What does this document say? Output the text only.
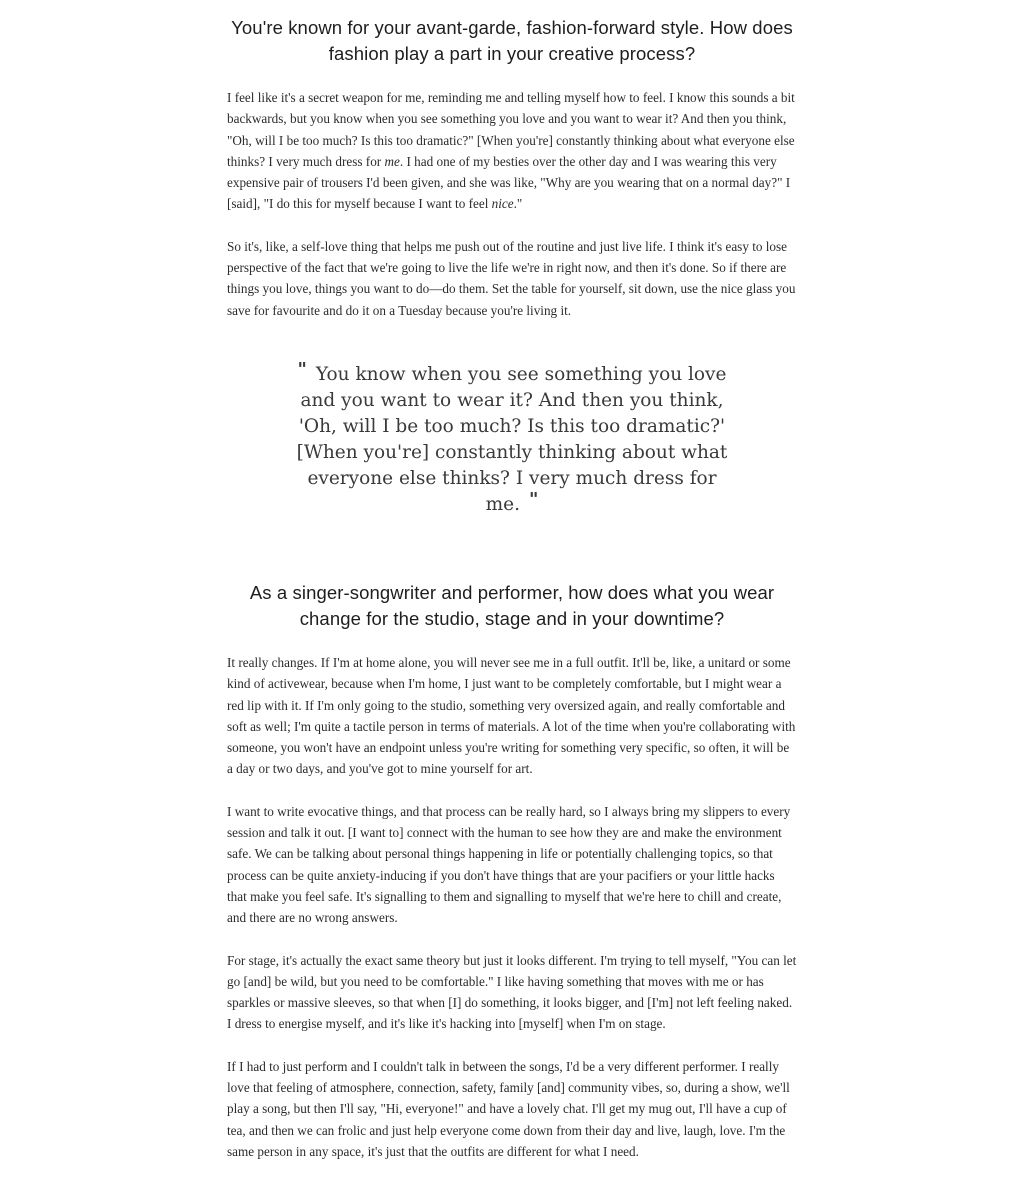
You're known for your avant-garde, fashion-forward style. How does fashion play a part in your creative process?

I feel like it's a secret weapon for me, reminding me and telling myself how to feel. I know this sounds a bit backwards, but you know when you see something you love and you want to wear it? And then you think, "Oh, will I be too much? Is this too dramatic?" [When you're] constantly thinking about what everyone else thinks? I very much dress for me. I had one of my besties over the other day and I was wearing this very expensive pair of trousers I'd been given, and she was like, "Why are you wearing that on a normal day?" I [said], "I do this for myself because I want to feel nice."

So it's, like, a self-love thing that helps me push out of the routine and just live life. I think it's easy to lose perspective of the fact that we're going to live the life we're in right now, and then it's done. So if there are things you love, things you want to do—do them. Set the table for yourself, sit down, use the nice glass you save for favourite and do it on a Tuesday because you're living it.

" You know when you see something you love and you want to wear it? And then you think, 'Oh, will I be too much? Is this too dramatic?' [When you're] constantly thinking about what everyone else thinks? I very much dress for me. "
As a singer-songwriter and performer, how does what you wear change for the studio, stage and in your downtime?

It really changes. If I'm at home alone, you will never see me in a full outfit. It'll be, like, a unitard or some kind of activewear, because when I'm home, I just want to be completely comfortable, but I might wear a red lip with it. If I'm only going to the studio, something very oversized again, and really comfortable and soft as well; I'm quite a tactile person in terms of materials. A lot of the time when you're collaborating with someone, you won't have an endpoint unless you're writing for something very specific, so often, it will be a day or two days, and you've got to mine yourself for art.

I want to write evocative things, and that process can be really hard, so I always bring my slippers to every session and talk it out. [I want to] connect with the human to see how they are and make the environment safe. We can be talking about personal things happening in life or potentially challenging topics, so that process can be quite anxiety-inducing if you don't have things that are your pacifiers or your little hacks that make you feel safe. It's signalling to them and signalling to myself that we're here to chill and create, and there are no wrong answers.

For stage, it's actually the exact same theory but just it looks different. I'm trying to tell myself, "You can let go [and] be wild, but you need to be comfortable." I like having something that moves with me or has sparkles or massive sleeves, so that when [I] do something, it looks bigger, and [I'm] not left feeling naked. I dress to energise myself, and it's like it's hacking into [myself] when I'm on stage.

If I had to just perform and I couldn't talk in between the songs, I'd be a very different performer. I really love that feeling of atmosphere, connection, safety, family [and] community vibes, so, during a show, we'll play a song, but then I'll say, "Hi, everyone!" and have a lovely chat. I'll get my mug out, I'll have a cup of tea, and then we can frolic and just help everyone come down from their day and live, laugh, love. I'm the same person in any space, it's just that the outfits are different for what I need.
